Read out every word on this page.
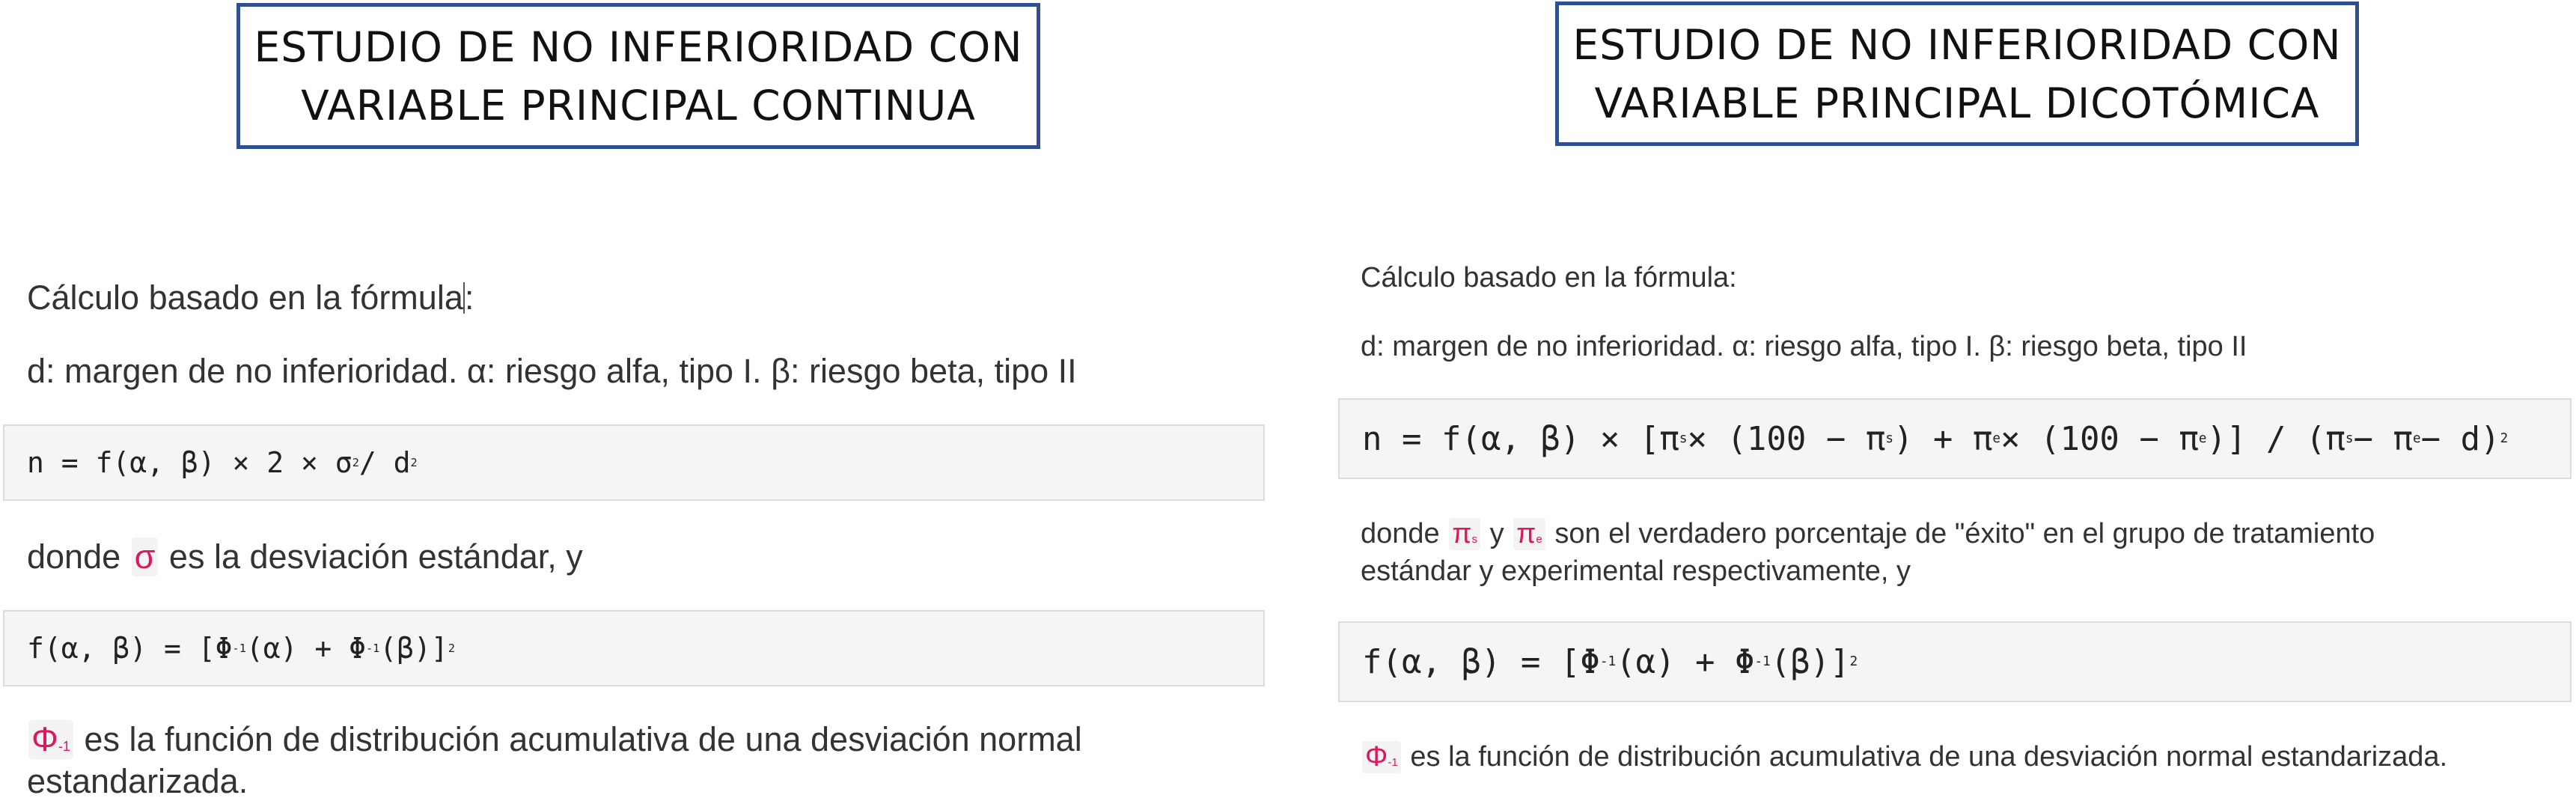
ESTUDIO DE NO INFERIORIDAD CON
VARIABLE PRINCIPAL CONTINUA
Cálculo basado en la fórmula:
d: margen de no inferioridad. α: riesgo alfa, tipo I. β: riesgo beta, tipo II
n = f(α, β) × 2 × σ 2 / d 2
donde σ es la desviación estándar, y
f(α, β) = [Φ -1 (α) + Φ -1 (β)] 2
Φ-1 es la función de distribución acumulativa de una desviación normal
estandarizada.
ESTUDIO DE NO INFERIORIDAD CON
VARIABLE PRINCIPAL DICOTÓMICA
Cálculo basado en la fórmula:
d: margen de no inferioridad. α: riesgo alfa, tipo I. β: riesgo beta, tipo II
n = f(α, β) × [π s × (100 − π s ) + π e × (100 − π e )] / (π s − π e − d) 2
donde πs y πe son el verdadero porcentaje de "éxito" en el grupo de tratamiento
estándar y experimental respectivamente, y
f(α, β) = [Φ -1 (α) + Φ -1 (β)] 2
Φ-1 es la función de distribución acumulativa de una desviación normal estandarizada.
